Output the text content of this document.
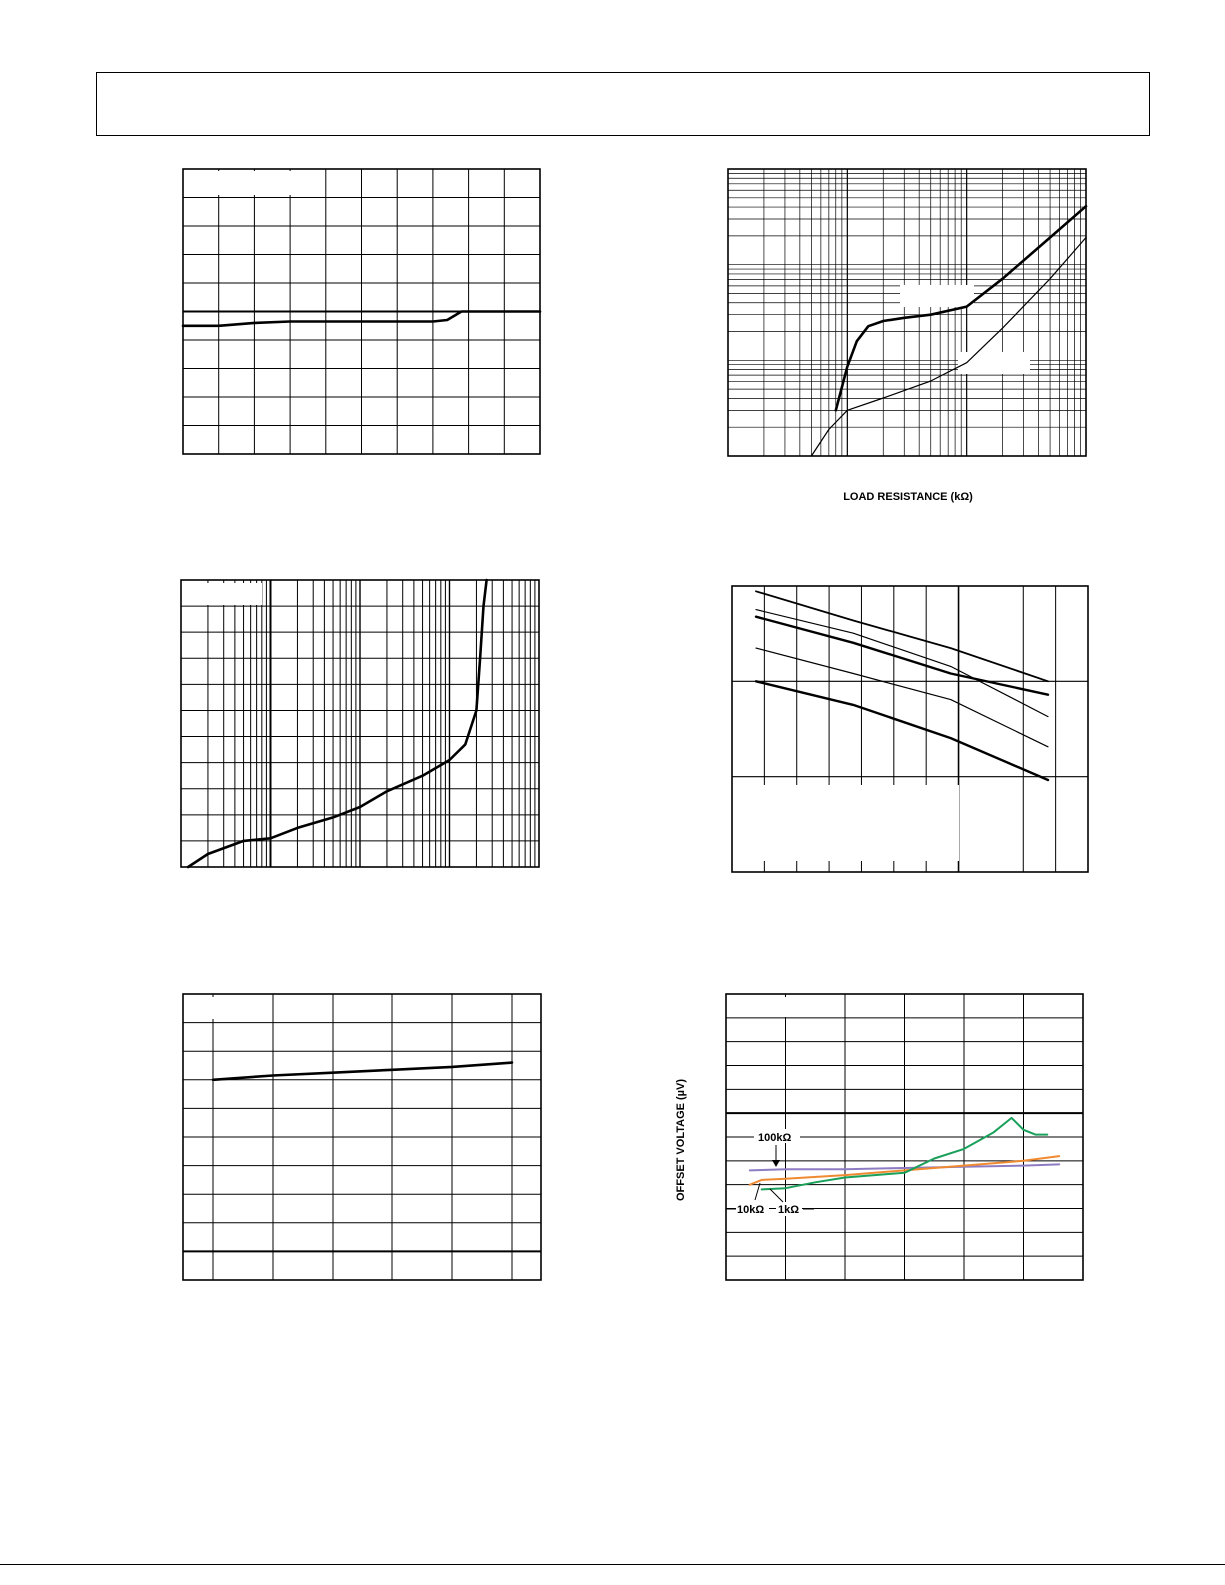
LOAD RESISTANCE (kΩ)
100kΩ
10kΩ 1kΩ
OFFSET VOLTAGE (µV)
